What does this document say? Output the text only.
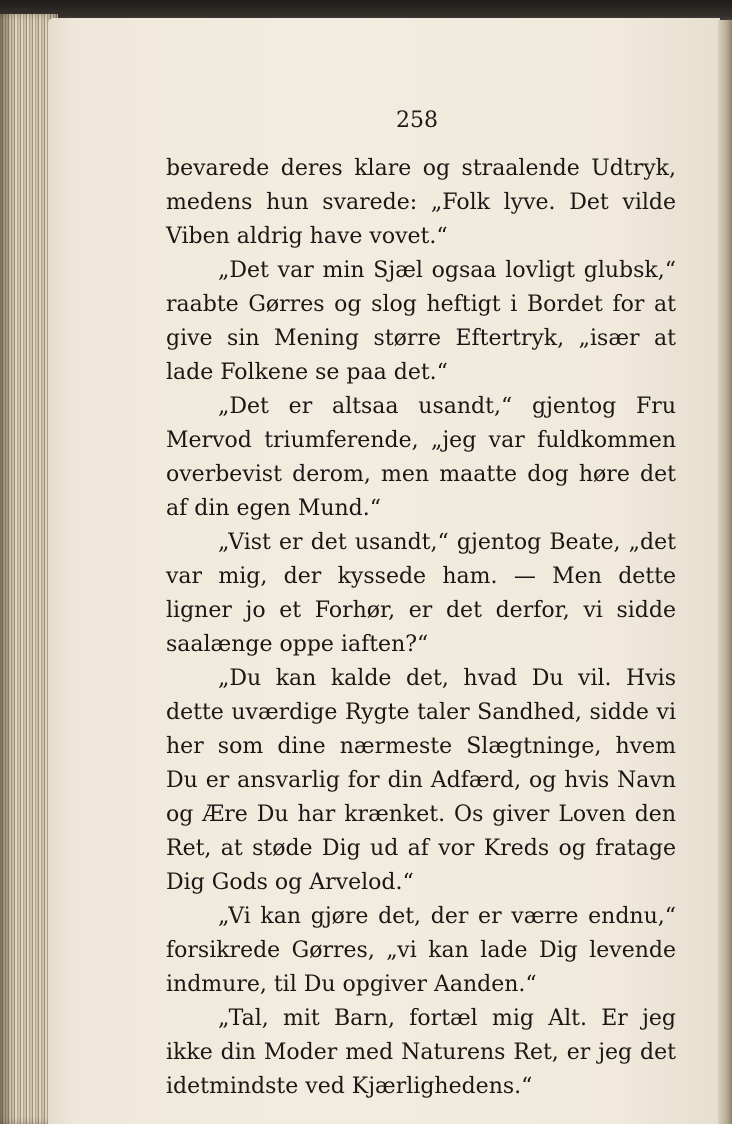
258

bevarede deres klare og straalende Udtryk, medens hun svarede: „Folk lyve. Det vilde Viben aldrig have vovet.“

„Det var min Sjæl ogsaa lovligt glubsk,“ raabte Gørres og slog heftigt i Bordet for at give sin Mening større Eftertryk, „især at lade Folkene se paa det.“

„Det er altsaa usandt,“ gjentog Fru Mervod triumferende, „jeg var fuldkommen overbevist derom, men maatte dog høre det af din egen Mund.“

„Vist er det usandt,“ gjentog Beate, „det var mig, der kyssede ham. — Men dette ligner jo et Forhør, er det derfor, vi sidde saalænge oppe iaften?“

„Du kan kalde det, hvad Du vil. Hvis dette uværdige Rygte taler Sandhed, sidde vi her som dine nærmeste Slægtninge, hvem Du er ansvarlig for din Adfærd, og hvis Navn og Ære Du har krænket. Os giver Loven den Ret, at støde Dig ud af vor Kreds og fratage Dig Gods og Arvelod.“

„Vi kan gjøre det, der er værre endnu,“ forsikrede Gørres, „vi kan lade Dig levende indmure, til Du opgiver Aanden.“

„Tal, mit Barn, fortæl mig Alt. Er jeg ikke din Moder med Naturens Ret, er jeg det idetmindste ved Kjærlighedens.“
